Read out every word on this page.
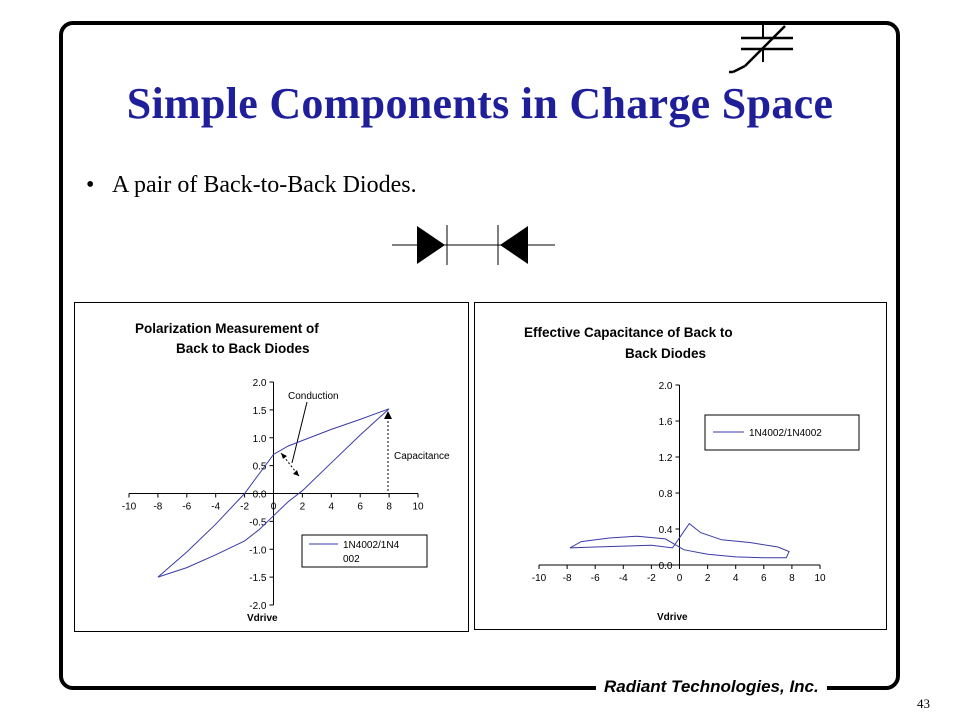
Simple Components in Charge Space
• A pair of Back-to-Back Diodes.
Polarization Measurement of
Back to Back Diodes
Vdrive
1N4002/1N4
002
Conduction
Capacitance
-10 -8 -6 -4 -2 0 2 4 6 8 10
2.0
1.5
1.0
0.5
0.0
-0.5
-1.0
-1.5
-2.0
Effective Capacitance of Back to
Back Diodes
Vdrive
1N4002/1N4002
-10 -8 -6 -4 -2 0 2 4 6 8 10
2.0
1.6
1.2
0.8
0.4
0.0
Radiant Technologies, Inc.
43
